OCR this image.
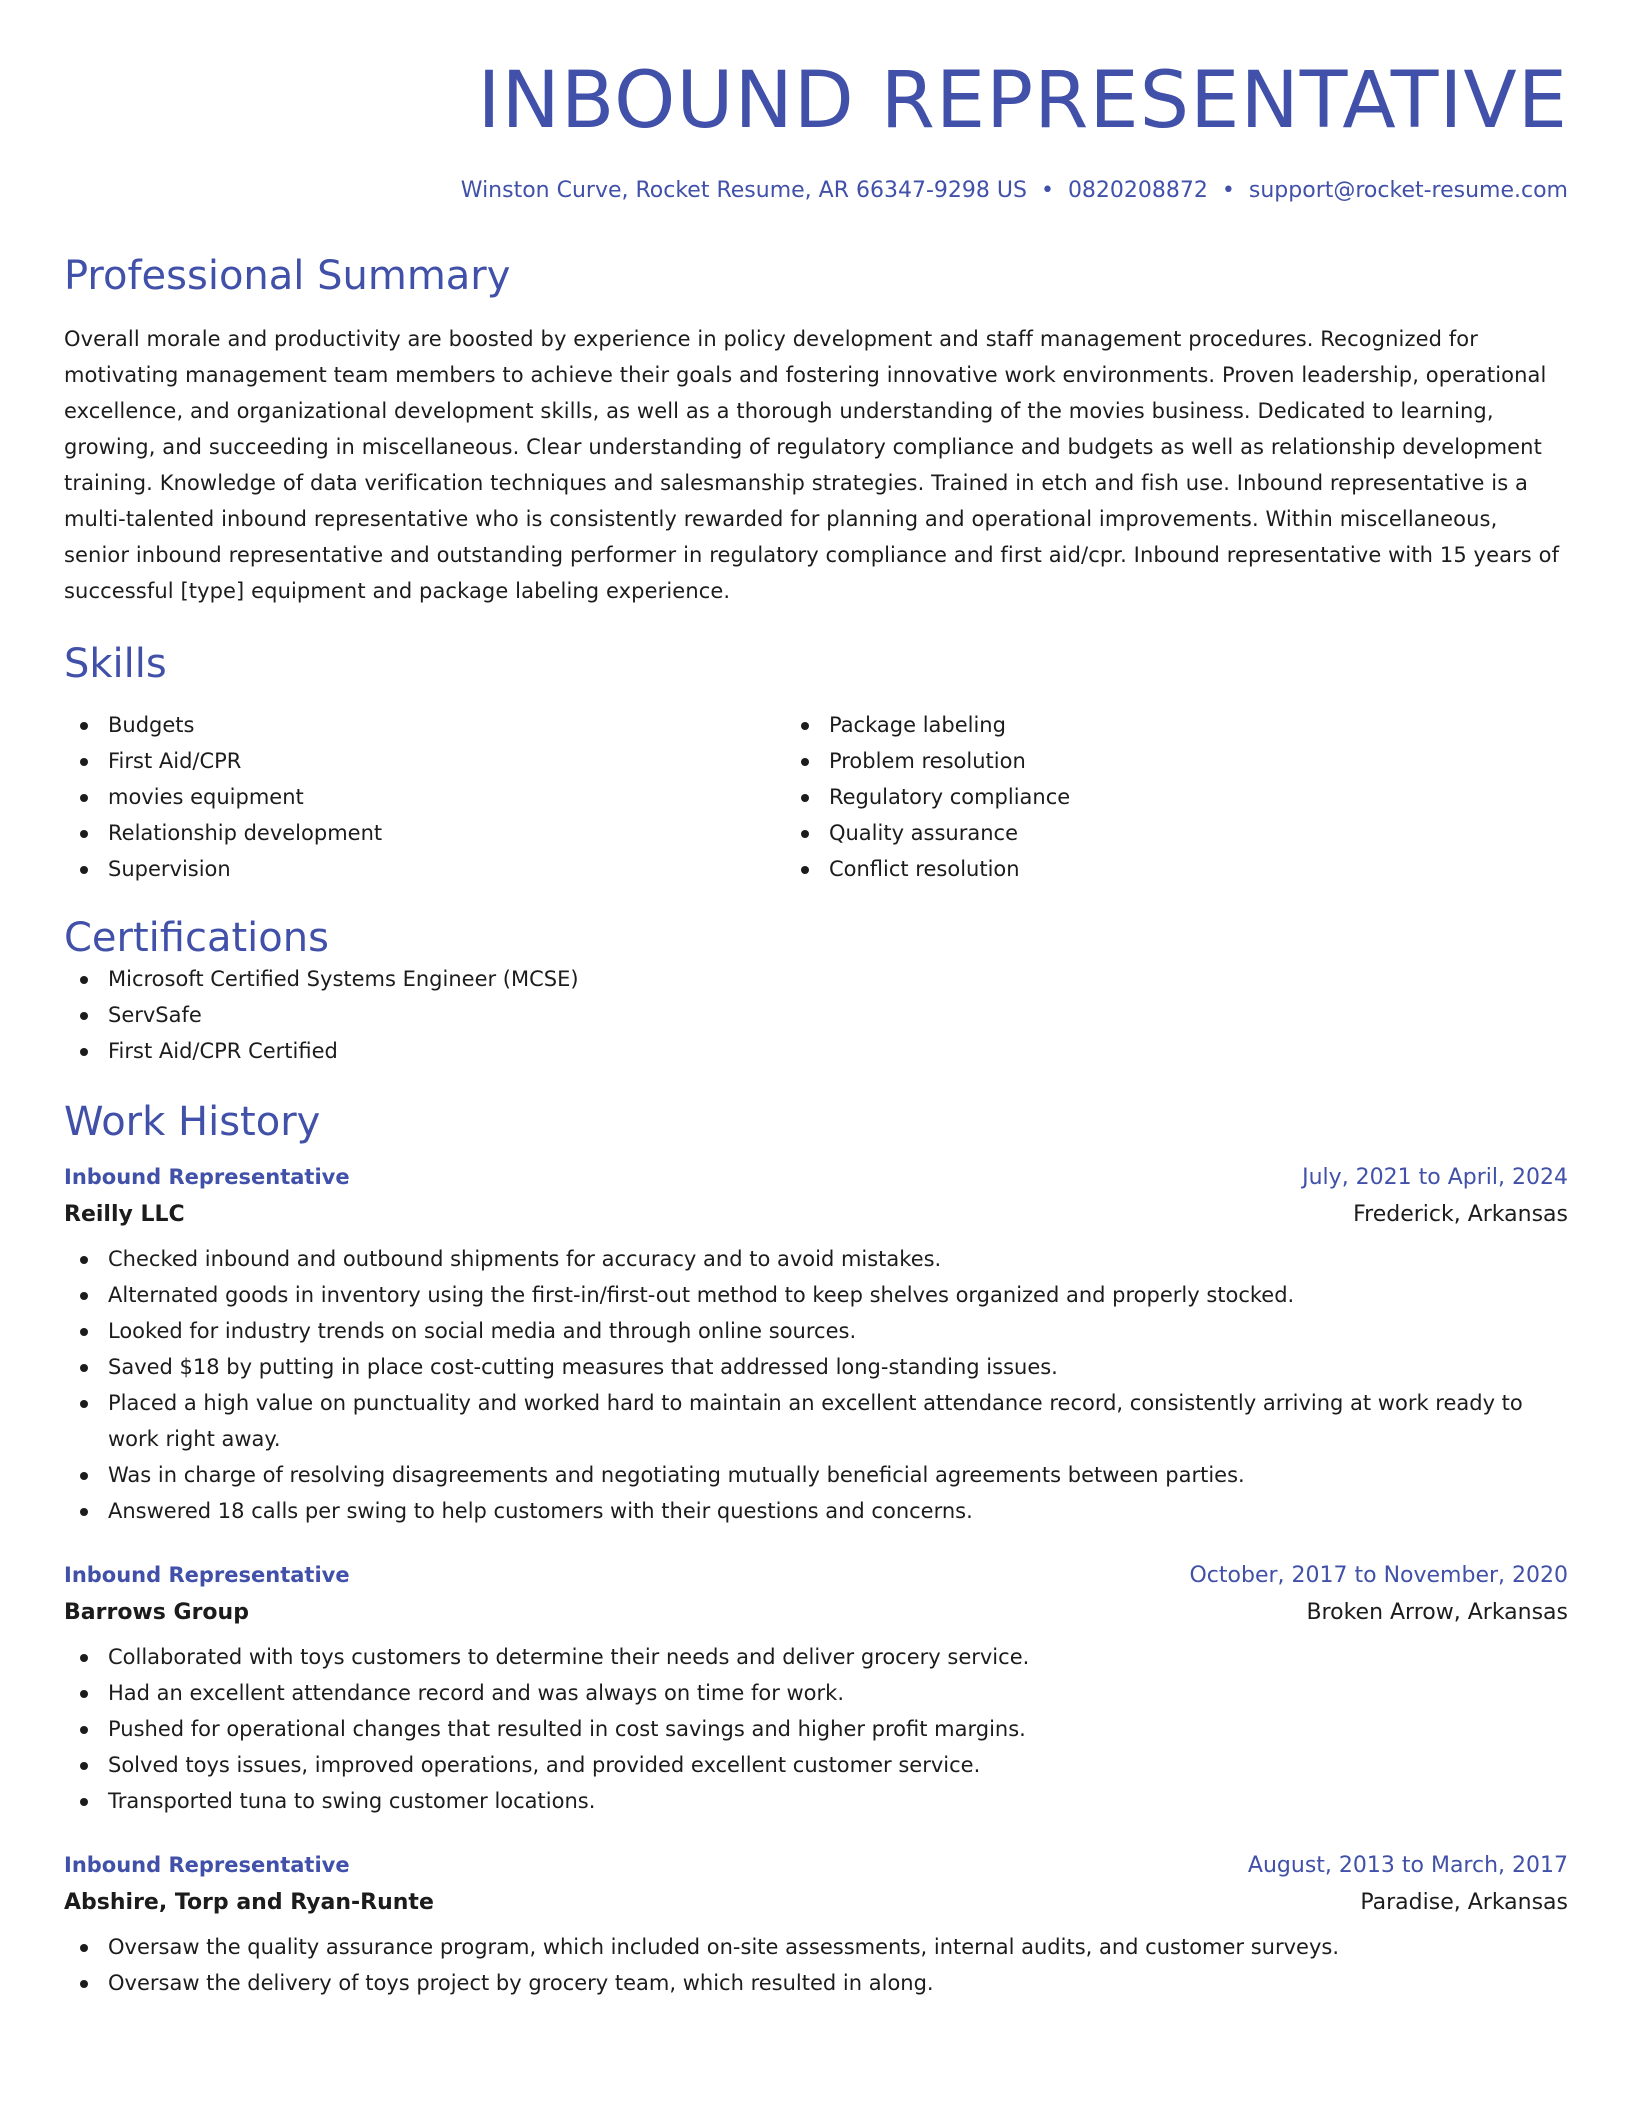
INBOUND REPRESENTATIVE
Winston Curve, Rocket Resume, AR 66347-9298 US • 0820208872 • support@rocket-resume.com
Professional Summary
Overall morale and productivity are boosted by experience in policy development and staff management procedures. Recognized for motivating management team members to achieve their goals and fostering innovative work environments. Proven leadership, operational excellence, and organizational development skills, as well as a thorough understanding of the movies business. Dedicated to learning, growing, and succeeding in miscellaneous. Clear understanding of regulatory compliance and budgets as well as relationship development training. Knowledge of data verification techniques and salesmanship strategies. Trained in etch and fish use. Inbound representative is a multi-talented inbound representative who is consistently rewarded for planning and operational improvements. Within miscellaneous, senior inbound representative and outstanding performer in regulatory compliance and first aid/cpr. Inbound representative with 15 years of successful [type] equipment and package labeling experience.
Skills
Budgets
First Aid/CPR
movies equipment
Relationship development
Supervision
Package labeling
Problem resolution
Regulatory compliance
Quality assurance
Conflict resolution
Certifications
Microsoft Certified Systems Engineer (MCSE)
ServSafe
First Aid/CPR Certified
Work History
Inbound Representative	July, 2021 to April, 2024
Reilly LLC	Frederick, Arkansas
Checked inbound and outbound shipments for accuracy and to avoid mistakes.
Alternated goods in inventory using the first-in/first-out method to keep shelves organized and properly stocked.
Looked for industry trends on social media and through online sources.
Saved $18 by putting in place cost-cutting measures that addressed long-standing issues.
Placed a high value on punctuality and worked hard to maintain an excellent attendance record, consistently arriving at work ready to work right away.
Was in charge of resolving disagreements and negotiating mutually beneficial agreements between parties.
Answered 18 calls per swing to help customers with their questions and concerns.
Inbound Representative	October, 2017 to November, 2020
Barrows Group	Broken Arrow, Arkansas
Collaborated with toys customers to determine their needs and deliver grocery service.
Had an excellent attendance record and was always on time for work.
Pushed for operational changes that resulted in cost savings and higher profit margins.
Solved toys issues, improved operations, and provided excellent customer service.
Transported tuna to swing customer locations.
Inbound Representative	August, 2013 to March, 2017
Abshire, Torp and Ryan-Runte	Paradise, Arkansas
Oversaw the quality assurance program, which included on-site assessments, internal audits, and customer surveys.
Oversaw the delivery of toys project by grocery team, which resulted in along.
